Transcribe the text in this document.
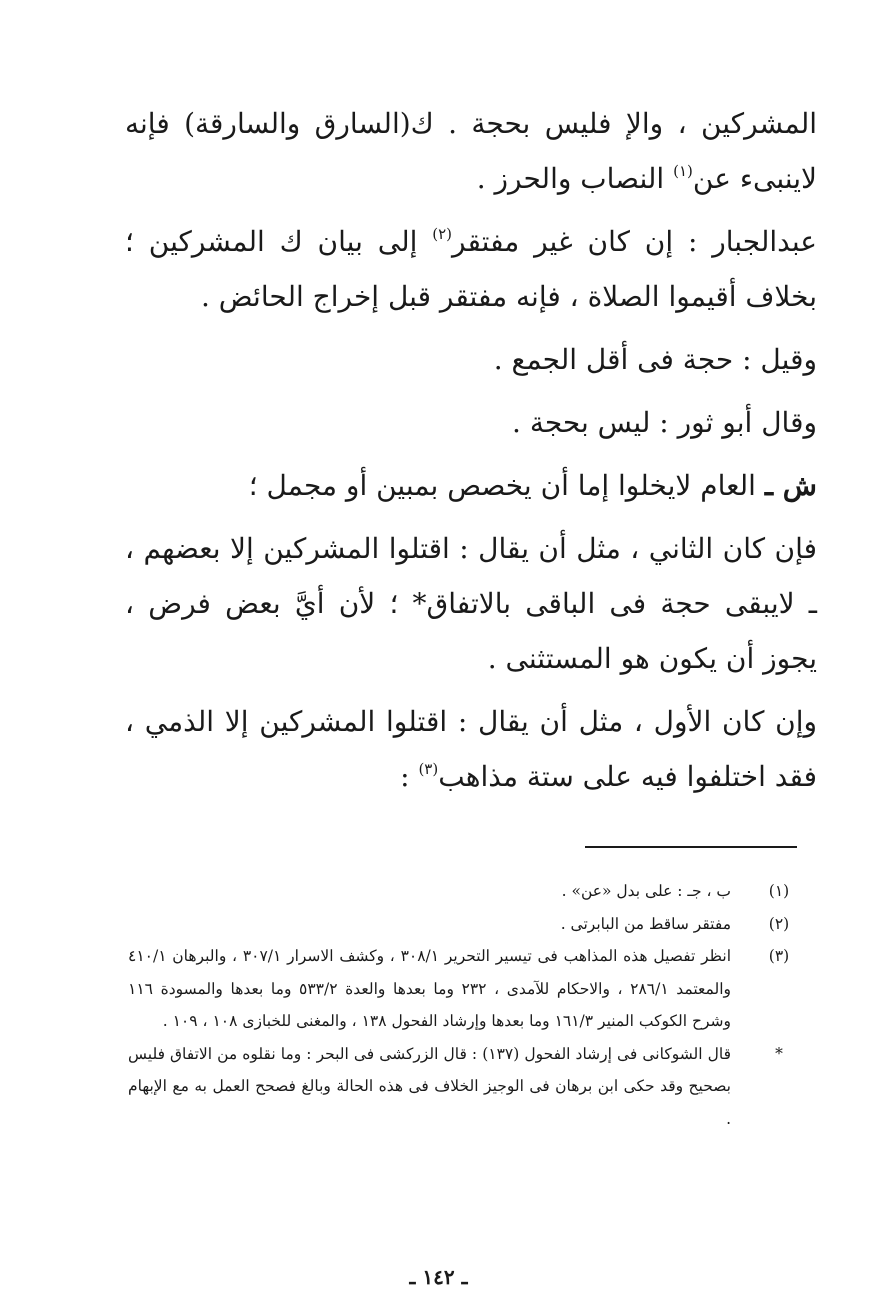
المشركين ، والإ فليس بحجة . ك(السارق والسارقة) فإنه لاينبىء عن$^{(١)}$ النصاب والحرز .

عبدالجبار : إن كان غير مفتقر$^{(٢)}$ إلى بيان ك المشركين ؛ بخلاف أقيموا الصلاة ، فإنه مفتقر قبل إخراج الحائض .

وقيل : حجة فى أقل الجمع .

وقال أبو ثور : ليس بحجة .

ش ـ العام لايخلوا إما أن يخصص بمبين أو مجمل ؛

فإن كان الثاني ، مثل أن يقال : اقتلوا المشركين إلا بعضهم ، ـ لايبقى حجة فى الباقى بالاتفاق* ؛ لأن أيَّ بعض فرض ، يجوز أن يكون هو المستثنى .

وإن كان الأول ، مثل أن يقال : اقتلوا المشركين إلا الذمي ، فقد اختلفوا فيه على ستة مذاهب$^{(٣)}$ :

(١)
ب ، جـ : على بدل «عن» .

(٢)
مفتقر ساقط من البابرتى .

(٣)
انظر تفصيل هذه المذاهب فى تيسير التحرير ٣٠٨/١ ، وكشف الاسرار ٣٠٧/١ ، والبرهان ٤١٠/١ والمعتمد ٢٨٦/١ ، والاحكام للآمدى ، ٢٣٢ وما بعدها والعدة ٥٣٣/٢ وما بعدها والمسودة ١١٦ وشرح الكوكب المنير ١٦١/٣ وما بعدها وإرشاد الفحول ١٣٨ ، والمغنى للخبازى ١٠٨ ، ١٠٩ .

*
قال الشوكانى فى إرشاد الفحول (١٣٧) : قال الزركشى فى البحر : وما نقلوه من الاتفاق فليس بصحيح وقد حكى ابن برهان فى الوجيز الخلاف فى هذه الحالة وبالغ فصحح العمل به مع الإبهام .

ـ ١٤٢ ـ
